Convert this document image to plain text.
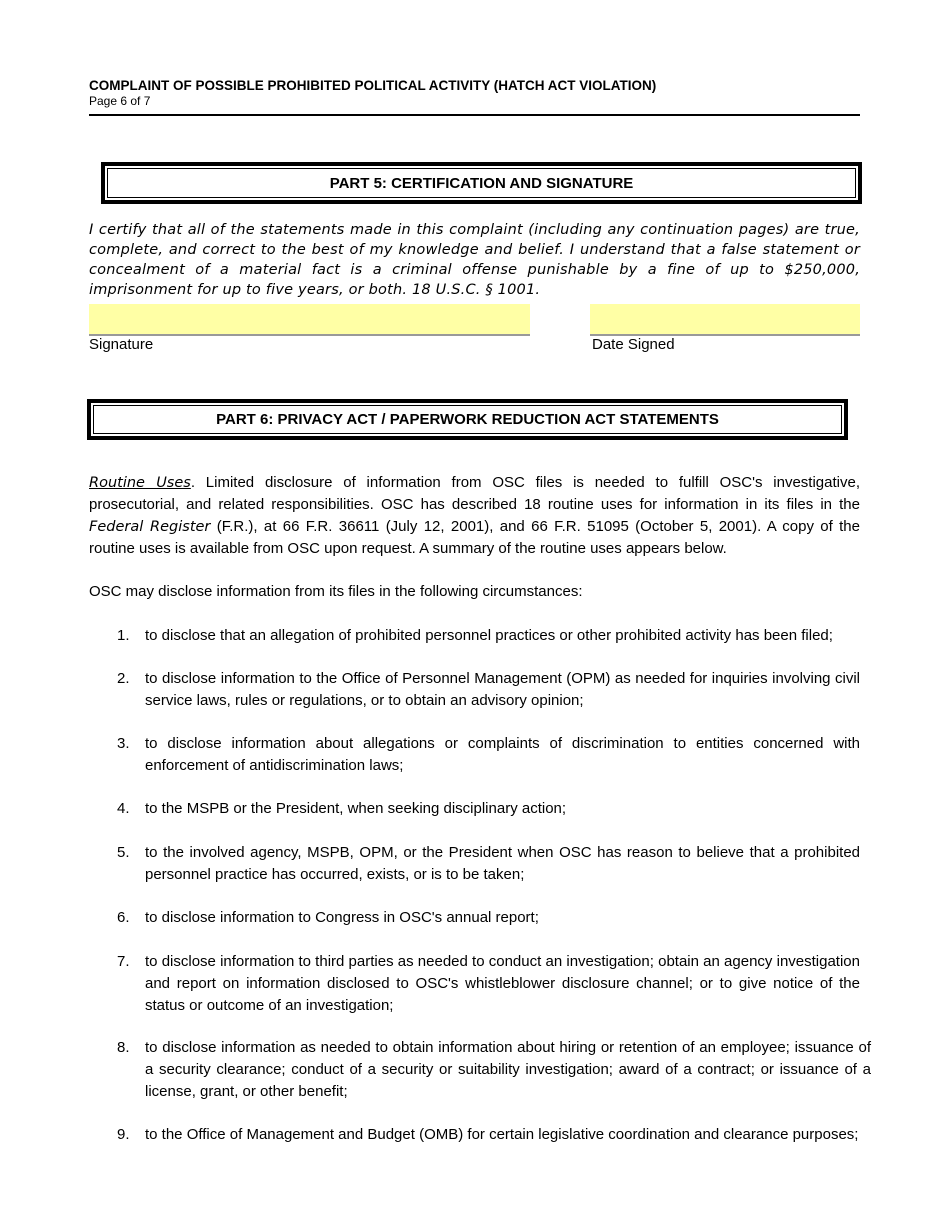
COMPLAINT OF POSSIBLE PROHIBITED POLITICAL ACTIVITY (HATCH ACT VIOLATION)
Page 6 of 7
PART 5: CERTIFICATION AND SIGNATURE
I certify that all of the statements made in this complaint (including any continuation pages) are true, complete, and correct to the best of my knowledge and belief. I understand that a false statement or concealment of a material fact is a criminal offense punishable by a fine of up to $250,000, imprisonment for up to five years, or both. 18 U.S.C. § 1001.
Signature	Date Signed
PART 6: PRIVACY ACT / PAPERWORK REDUCTION ACT STATEMENTS
Routine Uses. Limited disclosure of information from OSC files is needed to fulfill OSC's investigative, prosecutorial, and related responsibilities. OSC has described 18 routine uses for information in its files in the Federal Register (F.R.), at 66 F.R. 36611 (July 12, 2001), and 66 F.R. 51095 (October 5, 2001). A copy of the routine uses is available from OSC upon request. A summary of the routine uses appears below.
OSC may disclose information from its files in the following circumstances:
1.	to disclose that an allegation of prohibited personnel practices or other prohibited activity has been filed;
2.	to disclose information to the Office of Personnel Management (OPM) as needed for inquiries involving civil service laws, rules or regulations, or to obtain an advisory opinion;
3.	to disclose information about allegations or complaints of discrimination to entities concerned with enforcement of antidiscrimination laws;
4.	to the MSPB or the President, when seeking disciplinary action;
5.	to the involved agency, MSPB, OPM, or the President when OSC has reason to believe that a prohibited personnel practice has occurred, exists, or is to be taken;
6.	to disclose information to Congress in OSC's annual report;
7.	to disclose information to third parties as needed to conduct an investigation; obtain an agency investigation and report on information disclosed to OSC's whistleblower disclosure channel; or to give notice of the status or outcome of an investigation;
8.	to disclose information as needed to obtain information about hiring or retention of an employee; issuance of a security clearance; conduct of a security or suitability investigation; award of a contract; or issuance of a license, grant, or other benefit;
9.	to the Office of Management and Budget (OMB) for certain legislative coordination and clearance purposes;
